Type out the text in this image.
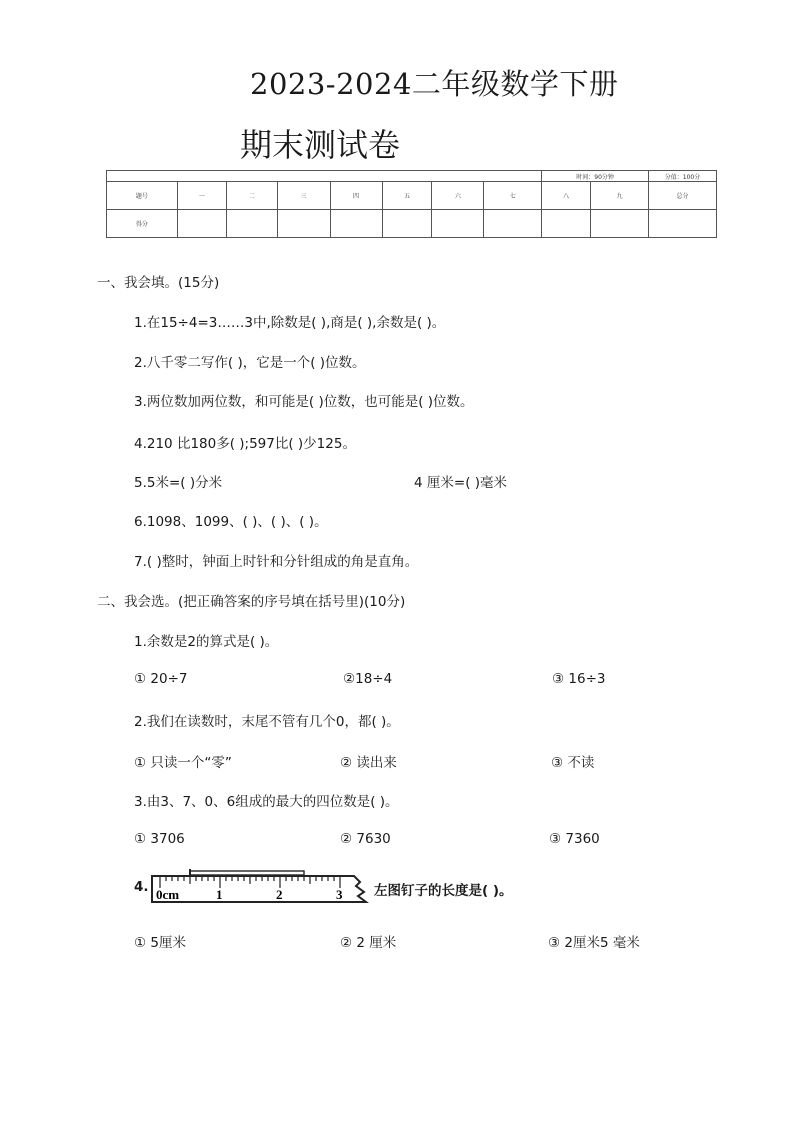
2023-2024二年级数学下册
期末测试卷
								时间：90分钟		分值：100分
题号	一	二	三	四	五	六	七	八	九	总分
得分										
一、我会填。(15分)
1.在15÷4=3……3中,除数是( ),商是( ),余数是( )。
2.八千零二写作( )，它是一个( )位数。
3.两位数加两位数，和可能是( )位数，也可能是( )位数。
4.210 比180多( );597比( )少125。
5.5米=( )分米	4 厘米=( )毫米
6.1098、1099、( )、( )、( )。
7.( )整时，钟面上时针和分针组成的角是直角。
二、我会选。(把正确答案的序号填在括号里)(10分)
1.余数是2的算式是( )。
① 20÷7	②18÷4	③ 16÷3
2.我们在读数时，末尾不管有几个0，都( )。
① 只读一个“零”	② 读出来	③ 不读
3.由3、7、0、6组成的最大的四位数是( )。
① 3706	② 7630	③ 7360
4. 0cm	1	2	3 左图钉子的长度是( )。
① 5厘米	② 2 厘米	③ 2厘米5 毫米
